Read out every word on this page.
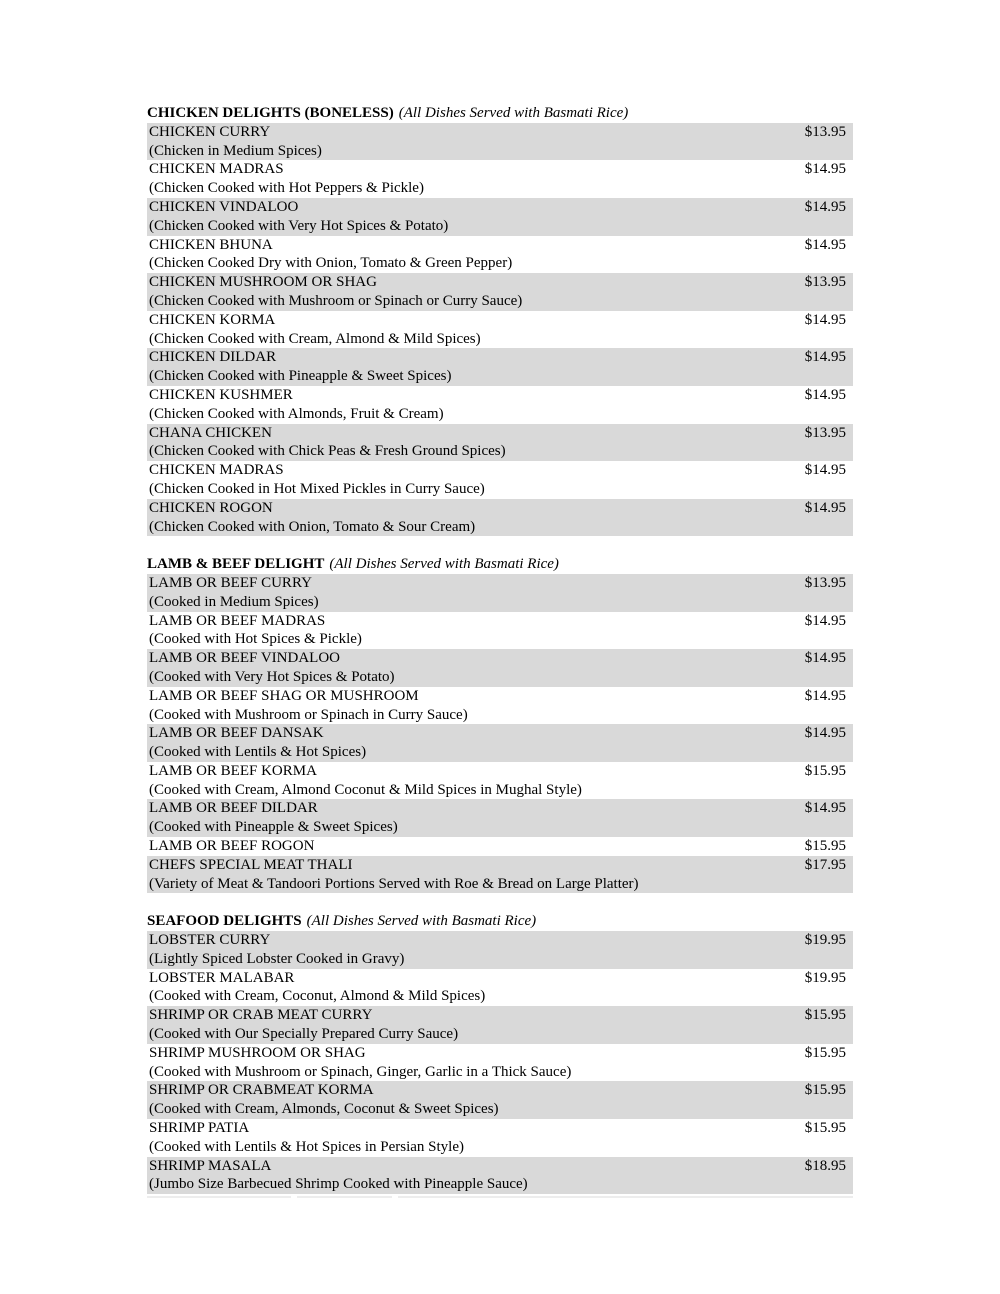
CHICKEN DELIGHTS (BONELESS) (All Dishes Served with Basmati Rice)
CHICKEN CURRY	$13.95
(Chicken in Medium Spices)
CHICKEN MADRAS	$14.95
(Chicken Cooked with Hot Peppers & Pickle)
CHICKEN VINDALOO	$14.95
(Chicken Cooked with Very Hot Spices & Potato)
CHICKEN BHUNA	$14.95
(Chicken Cooked Dry with Onion, Tomato & Green Pepper)
CHICKEN MUSHROOM OR SHAG	$13.95
(Chicken Cooked with Mushroom or Spinach or Curry Sauce)
CHICKEN KORMA	$14.95
(Chicken Cooked with Cream, Almond & Mild Spices)
CHICKEN DILDAR	$14.95
(Chicken Cooked with Pineapple & Sweet Spices)
CHICKEN KUSHMER	$14.95
(Chicken Cooked with Almonds, Fruit & Cream)
CHANA CHICKEN	$13.95
(Chicken Cooked with Chick Peas & Fresh Ground Spices)
CHICKEN MADRAS	$14.95
(Chicken Cooked in Hot Mixed Pickles in Curry Sauce)
CHICKEN ROGON	$14.95
(Chicken Cooked with Onion, Tomato & Sour Cream)
LAMB & BEEF DELIGHT (All Dishes Served with Basmati Rice)
LAMB OR BEEF CURRY	$13.95
(Cooked in Medium Spices)
LAMB OR BEEF MADRAS	$14.95
(Cooked with Hot Spices & Pickle)
LAMB OR BEEF VINDALOO	$14.95
(Cooked with Very Hot Spices & Potato)
LAMB OR BEEF SHAG OR MUSHROOM	$14.95
(Cooked with Mushroom or Spinach in Curry Sauce)
LAMB OR BEEF DANSAK	$14.95
(Cooked with Lentils & Hot Spices)
LAMB OR BEEF KORMA	$15.95
(Cooked with Cream, Almond Coconut & Mild Spices in Mughal Style)
LAMB OR BEEF DILDAR	$14.95
(Cooked with Pineapple & Sweet Spices)
LAMB OR BEEF ROGON	$15.95
CHEFS SPECIAL MEAT THALI	$17.95
(Variety of Meat & Tandoori Portions Served with Roe & Bread on Large Platter)
SEAFOOD DELIGHTS (All Dishes Served with Basmati Rice)
LOBSTER CURRY	$19.95
(Lightly Spiced Lobster Cooked in Gravy)
LOBSTER MALABAR	$19.95
(Cooked with Cream, Coconut, Almond & Mild Spices)
SHRIMP OR CRAB MEAT CURRY	$15.95
(Cooked with Our Specially Prepared Curry Sauce)
SHRIMP MUSHROOM OR SHAG	$15.95
(Cooked with Mushroom or Spinach, Ginger, Garlic in a Thick Sauce)
SHRIMP OR CRABMEAT KORMA	$15.95
(Cooked with Cream, Almonds, Coconut & Sweet Spices)
SHRIMP PATIA	$15.95
(Cooked with Lentils & Hot Spices in Persian Style)
SHRIMP MASALA	$18.95
(Jumbo Size Barbecued Shrimp Cooked with Pineapple Sauce)
